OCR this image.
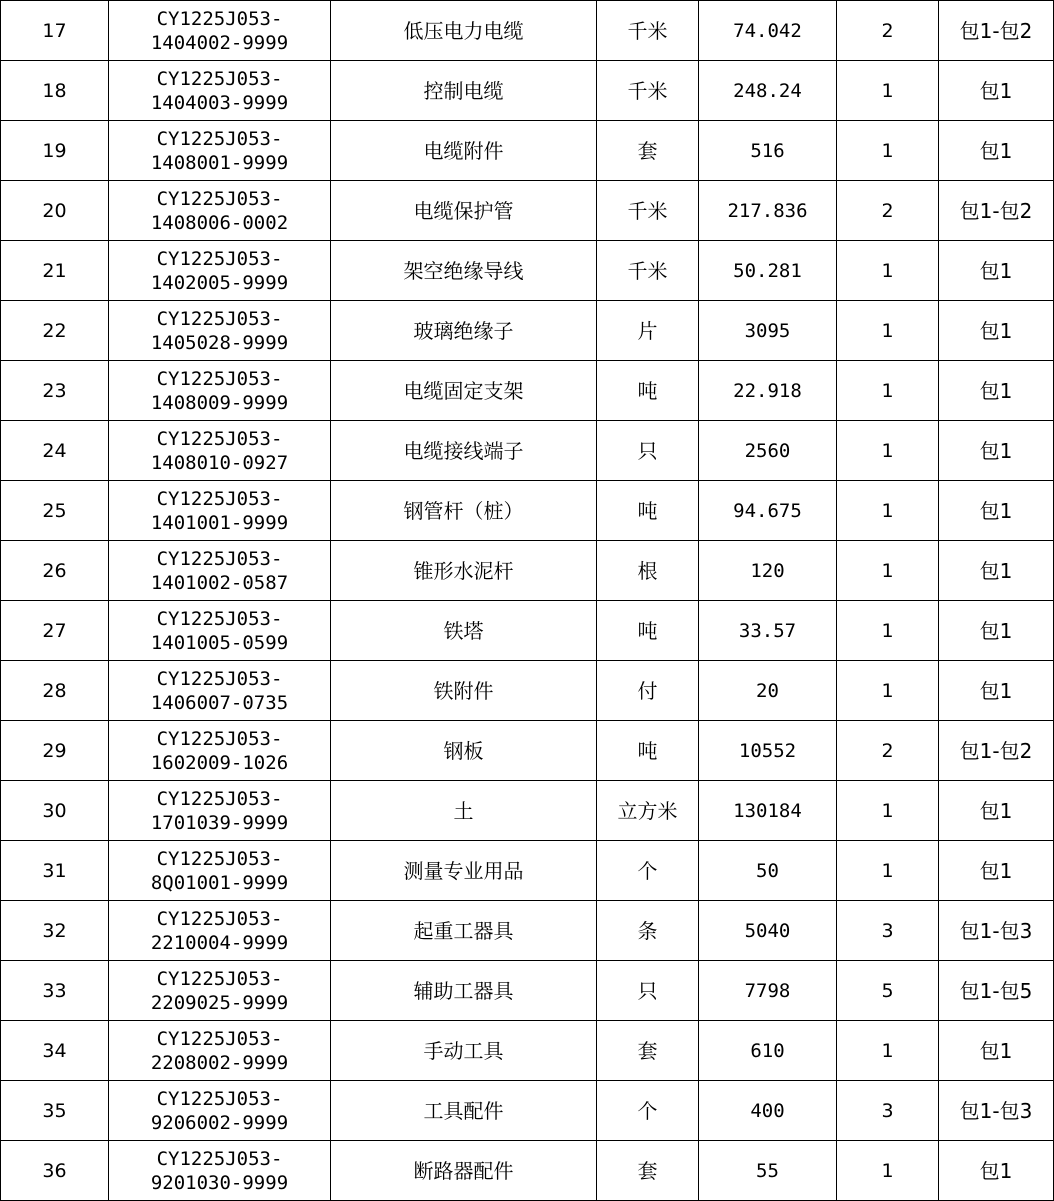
17	CY1225J053-
1404002-9999	低压电力电缆	千米	74.042	2	包1-包2
18	CY1225J053-
1404003-9999	控制电缆	千米	248.24	1	包1
19	CY1225J053-
1408001-9999	电缆附件	套	516	1	包1
20	CY1225J053-
1408006-0002	电缆保护管	千米	217.836	2	包1-包2
21	CY1225J053-
1402005-9999	架空绝缘导线	千米	50.281	1	包1
22	CY1225J053-
1405028-9999	玻璃绝缘子	片	3095	1	包1
23	CY1225J053-
1408009-9999	电缆固定支架	吨	22.918	1	包1
24	CY1225J053-
1408010-0927	电缆接线端子	只	2560	1	包1
25	CY1225J053-
1401001-9999	钢管杆（桩）	吨	94.675	1	包1
26	CY1225J053-
1401002-0587	锥形水泥杆	根	120	1	包1
27	CY1225J053-
1401005-0599	铁塔	吨	33.57	1	包1
28	CY1225J053-
1406007-0735	铁附件	付	20	1	包1
29	CY1225J053-
1602009-1026	钢板	吨	10552	2	包1-包2
30	CY1225J053-
1701039-9999	土	立方米	130184	1	包1
31	CY1225J053-
8Q01001-9999	测量专业用品	个	50	1	包1
32	CY1225J053-
2210004-9999	起重工器具	条	5040	3	包1-包3
33	CY1225J053-
2209025-9999	辅助工器具	只	7798	5	包1-包5
34	CY1225J053-
2208002-9999	手动工具	套	610	1	包1
35	CY1225J053-
9206002-9999	工具配件	个	400	3	包1-包3
36	CY1225J053-
9201030-9999	断路器配件	套	55	1	包1
